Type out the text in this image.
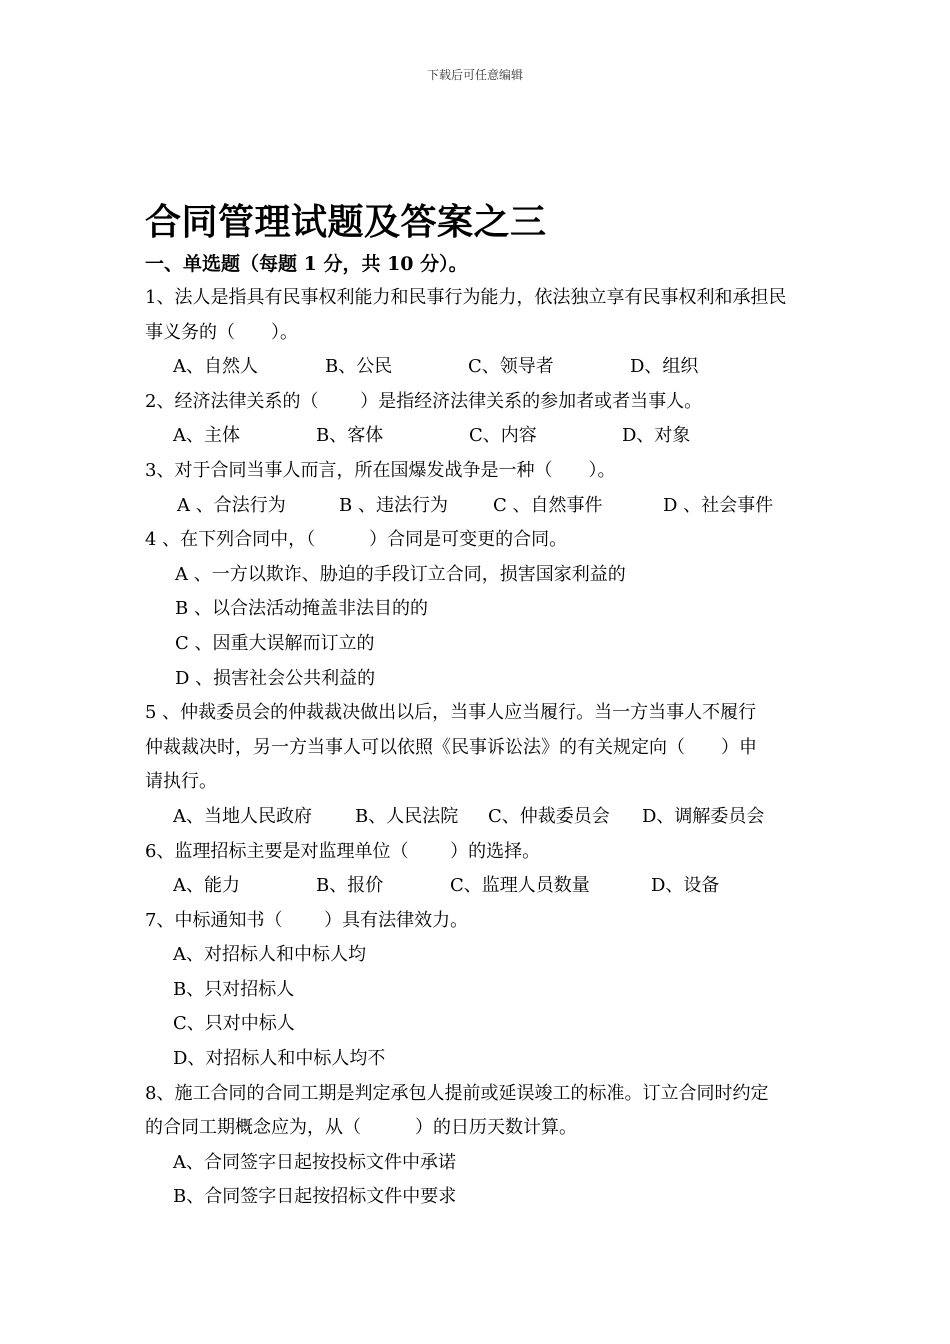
下载后可任意编辑
合同管理试题及答案之三
一、单选题（每题 1 分，共 10 分）。
1、法人是指具有民事权利能力和民事行为能力，依法独立享有民事权利和承担民
事义务的（　　）。
A、自然人	B、公民	C、领导者	D、组织
2、经济法律关系的（　　 ）是指经济法律关系的参加者或者当事人。
A、主体	B、客体	C、内容	D、对象
3、对于合同当事人而言，所在国爆发战争是一种（　　）。
A 、合法行为	B 、违法行为	C 、自然事件	D 、社会事件
4 、在下列合同中，（　　　）合同是可变更的合同。
A 、一方以欺诈、胁迫的手段订立合同，损害国家利益的
B 、以合法活动掩盖非法目的的
C 、因重大误解而订立的
D 、损害社会公共利益的
5 、仲裁委员会的仲裁裁决做出以后，当事人应当履行。当一方当事人不履行
仲裁裁决时，另一方当事人可以依照《民事诉讼法》的有关规定向（　　）申
请执行。
A、当地人民政府 B、人民法院 C、仲裁委员会 D、调解委员会
6、监理招标主要是对监理单位（　　 ）的选择。
A、能力	B、报价	C、监理人员数量	D、设备
7、中标通知书（　　 ）具有法律效力。
A、对招标人和中标人均
B、只对招标人
C、只对中标人
D、对招标人和中标人均不
8、施工合同的合同工期是判定承包人提前或延误竣工的标准。订立合同时约定
的合同工期概念应为，从（　　　）的日历天数计算。
A、合同签字日起按投标文件中承诺
B、合同签字日起按招标文件中要求
